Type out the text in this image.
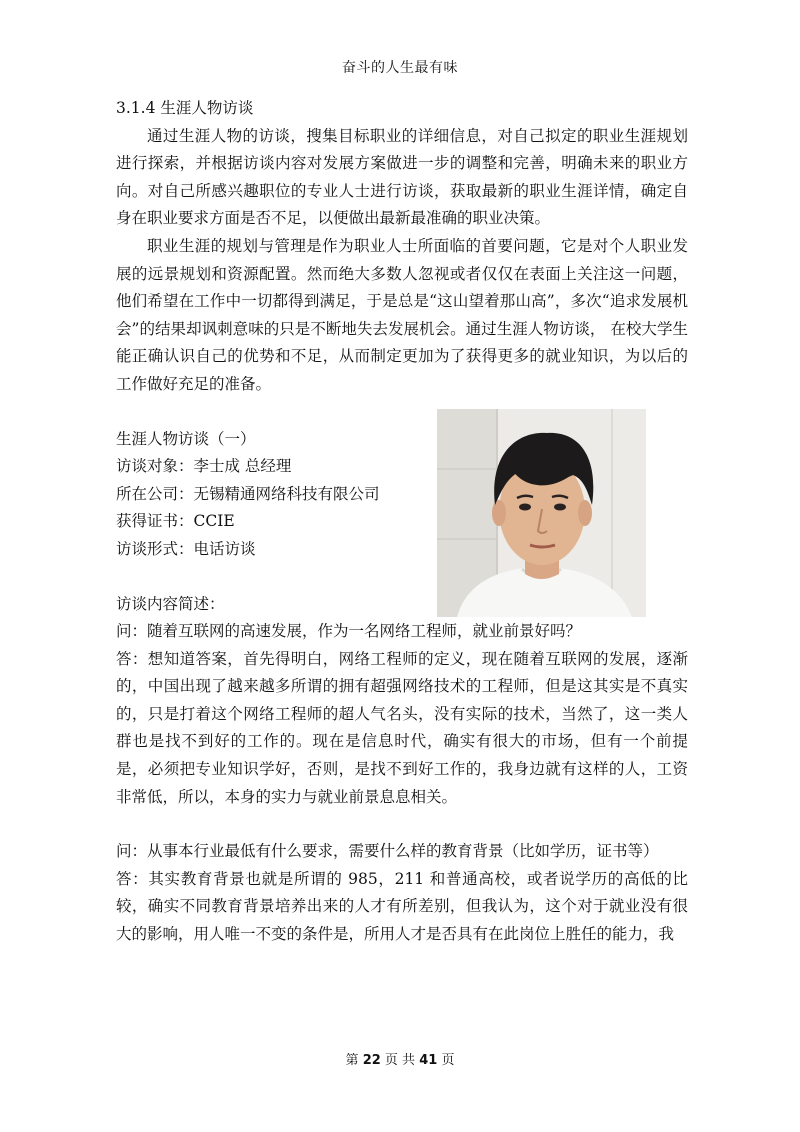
奋斗的人生最有味

3.1.4 生涯人物访谈

通过生涯人物的访谈，搜集目标职业的详细信息，对自己拟定的职业生涯规划进行探索，并根据访谈内容对发展方案做进一步的调整和完善，明确未来的职业方向。对自己所感兴趣职位的专业人士进行访谈，获取最新的职业生涯详情，确定自身在职业要求方面是否不足，以便做出最新最准确的职业决策。

职业生涯的规划与管理是作为职业人士所面临的首要问题，它是对个人职业发展的远景规划和资源配置。然而绝大多数人忽视或者仅仅在表面上关注这一问题，他们希望在工作中一切都得到满足，于是总是“这山望着那山高”，多次“追求发展机会”的结果却讽刺意味的只是不断地失去发展机会。通过生涯人物访谈， 在校大学生能正确认识自己的优势和不足，从而制定更加为了获得更多的就业知识，为以后的工作做好充足的准备。

生涯人物访谈（一）

访谈对象：李士成 总经理

所在公司：无锡精通网络科技有限公司

获得证书：CCIE

访谈形式：电话访谈

访谈内容简述：

问：随着互联网的高速发展，作为一名网络工程师，就业前景好吗？

答：想知道答案，首先得明白，网络工程师的定义，现在随着互联网的发展，逐渐的，中国出现了越来越多所谓的拥有超强网络技术的工程师，但是这其实是不真实的，只是打着这个网络工程师的超人气名头，没有实际的技术，当然了，这一类人群也是找不到好的工作的。现在是信息时代，确实有很大的市场，但有一个前提是，必须把专业知识学好，否则，是找不到好工作的，我身边就有这样的人，工资非常低，所以，本身的实力与就业前景息息相关。

问：从事本行业最低有什么要求，需要什么样的教育背景（比如学历，证书等）

答：其实教育背景也就是所谓的 985，211 和普通高校，或者说学历的高低的比较，确实不同教育背景培养出来的人才有所差别，但我认为，这个对于就业没有很大的影响，用人唯一不变的条件是，所用人才是否具有在此岗位上胜任的能力，我

第 22 页 共 41 页
